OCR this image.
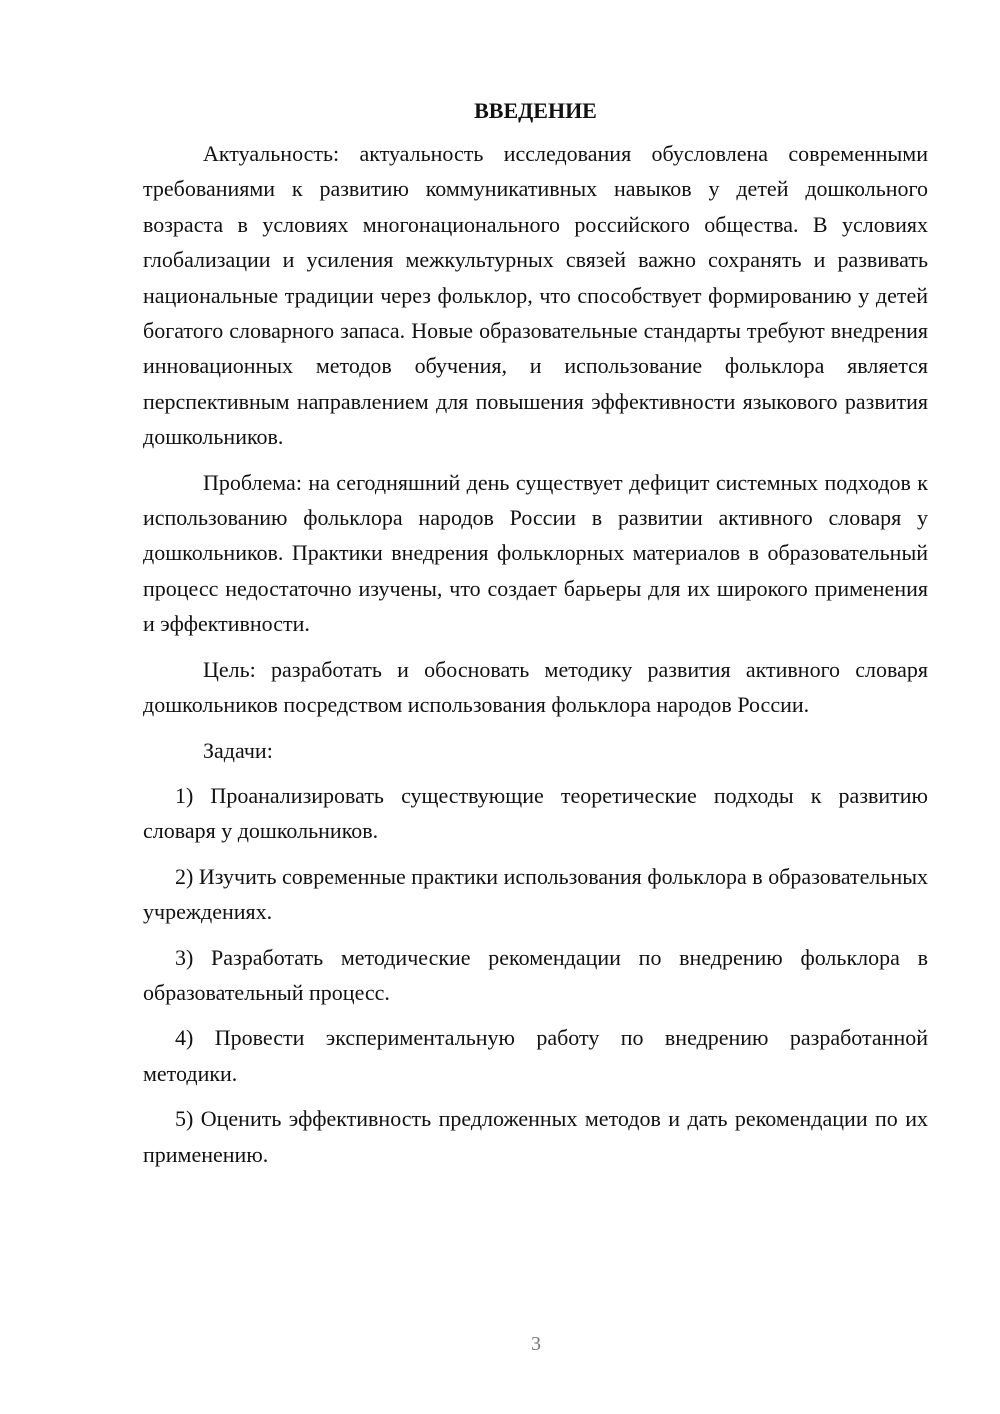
ВВЕДЕНИЕ

Актуальность: актуальность исследования обусловлена современными требованиями к развитию коммуникативных навыков у детей дошкольного возраста в условиях многонационального российского общества. В условиях глобализации и усиления межкультурных связей важно сохранять и развивать национальные традиции через фольклор, что способствует формированию у детей богатого словарного запаса. Новые образовательные стандарты требуют внедрения инновационных методов обучения, и использование фольклора является перспективным направлением для повышения эффективности языкового развития дошкольников.

Проблема: на сегодняшний день существует дефицит системных подходов к использованию фольклора народов России в развитии активного словаря у дошкольников. Практики внедрения фольклорных материалов в образовательный процесс недостаточно изучены, что создает барьеры для их широкого применения и эффективности.

Цель: разработать и обосновать методику развития активного словаря дошкольников посредством использования фольклора народов России.

Задачи:

1) Проанализировать существующие теоретические подходы к развитию словаря у дошкольников.

2) Изучить современные практики использования фольклора в образовательных учреждениях.

3) Разработать методические рекомендации по внедрению фольклора в образовательный процесс.

4) Провести экспериментальную работу по внедрению разработанной методики.

5) Оценить эффективность предложенных методов и дать рекомендации по их применению.

3
